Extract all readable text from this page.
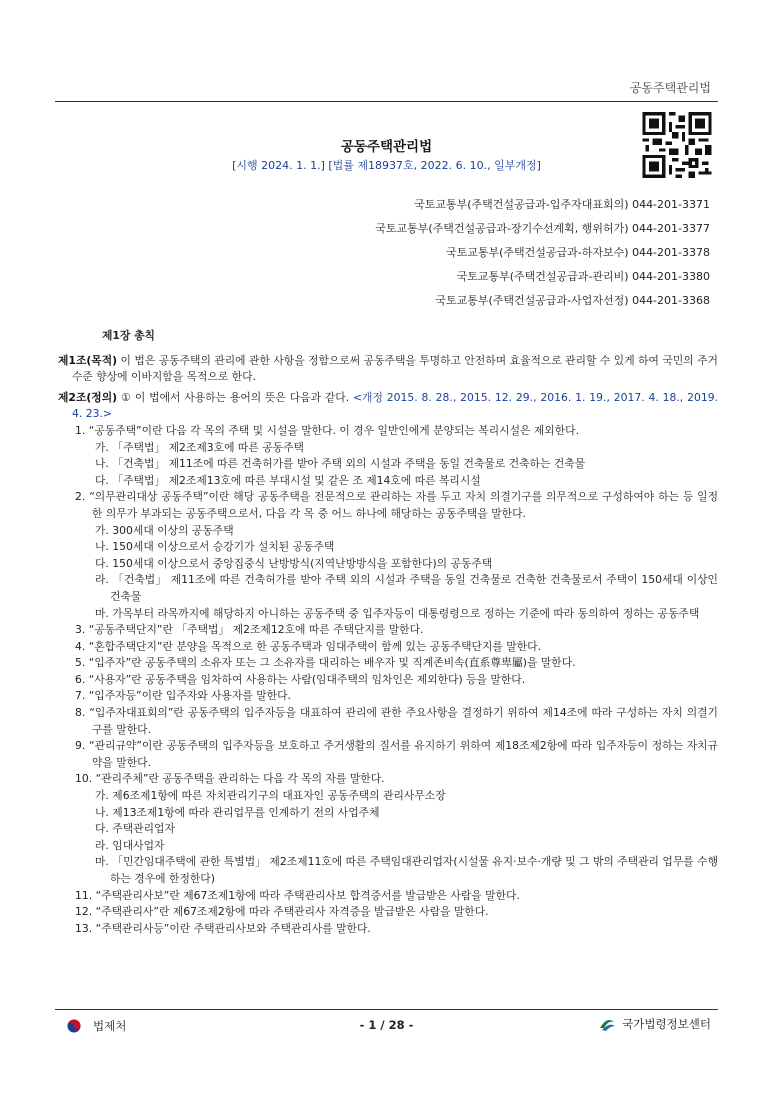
공동주택관리법
공동주택관리법
[시행 2024. 1. 1.] [법률 제18937호, 2022. 6. 10., 일부개정]
국토교통부(주택건설공급과-입주자대표회의) 044-201-3371
국토교통부(주택건설공급과-장기수선계획, 행위허가) 044-201-3377
국토교통부(주택건설공급과-하자보수) 044-201-3378
국토교통부(주택건설공급과-관리비) 044-201-3380
국토교통부(주택건설공급과-사업자선정) 044-201-3368
제1장 총칙
제1조(목적) 이 법은 공동주택의 관리에 관한 사항을 정함으로써 공동주택을 투명하고 안전하며 효율적으로 관리할 수 있게 하여 국민의 주거수준 향상에 이바지함을 목적으로 한다.
제2조(정의) ① 이 법에서 사용하는 용어의 뜻은 다음과 같다. <개정 2015. 8. 28., 2015. 12. 29., 2016. 1. 19., 2017. 4. 18., 2019. 4. 23.>
1. “공동주택”이란 다음 각 목의 주택 및 시설을 말한다. 이 경우 일반인에게 분양되는 복리시설은 제외한다.
가. 「주택법」 제2조제3호에 따른 공동주택
나. 「건축법」 제11조에 따른 건축허가를 받아 주택 외의 시설과 주택을 동일 건축물로 건축하는 건축물
다. 「주택법」 제2조제13호에 따른 부대시설 및 같은 조 제14호에 따른 복리시설
2. “의무관리대상 공동주택”이란 해당 공동주택을 전문적으로 관리하는 자를 두고 자치 의결기구를 의무적으로 구성하여야 하는 등 일정한 의무가 부과되는 공동주택으로서, 다음 각 목 중 어느 하나에 해당하는 공동주택을 말한다.
가. 300세대 이상의 공동주택
나. 150세대 이상으로서 승강기가 설치된 공동주택
다. 150세대 이상으로서 중앙집중식 난방방식(지역난방방식을 포함한다)의 공동주택
라. 「건축법」 제11조에 따른 건축허가를 받아 주택 외의 시설과 주택을 동일 건축물로 건축한 건축물로서 주택이 150세대 이상인 건축물
마. 가목부터 라목까지에 해당하지 아니하는 공동주택 중 입주자등이 대통령령으로 정하는 기준에 따라 동의하여 정하는 공동주택
3. “공동주택단지”란 「주택법」 제2조제12호에 따른 주택단지를 말한다.
4. “혼합주택단지”란 분양을 목적으로 한 공동주택과 임대주택이 함께 있는 공동주택단지를 말한다.
5. “입주자”란 공동주택의 소유자 또는 그 소유자를 대리하는 배우자 및 직계존비속(直系尊卑屬)을 말한다.
6. “사용자”란 공동주택을 임차하여 사용하는 사람(임대주택의 임차인은 제외한다) 등을 말한다.
7. “입주자등”이란 입주자와 사용자를 말한다.
8. “입주자대표회의”란 공동주택의 입주자등을 대표하여 관리에 관한 주요사항을 결정하기 위하여 제14조에 따라 구성하는 자치 의결기구를 말한다.
9. “관리규약”이란 공동주택의 입주자등을 보호하고 주거생활의 질서를 유지하기 위하여 제18조제2항에 따라 입주자등이 정하는 자치규약을 말한다.
10. “관리주체”란 공동주택을 관리하는 다음 각 목의 자를 말한다.
가. 제6조제1항에 따른 자치관리기구의 대표자인 공동주택의 관리사무소장
나. 제13조제1항에 따라 관리업무를 인계하기 전의 사업주체
다. 주택관리업자
라. 임대사업자
마. 「민간임대주택에 관한 특별법」 제2조제11호에 따른 주택임대관리업자(시설물 유지·보수·개량 및 그 밖의 주택관리 업무를 수행하는 경우에 한정한다)
11. “주택관리사보”란 제67조제1항에 따라 주택관리사보 합격증서를 발급받은 사람을 말한다.
12. “주택관리사”란 제67조제2항에 따라 주택관리사 자격증을 발급받은 사람을 말한다.
13. “주택관리사등”이란 주택관리사보와 주택관리사를 말한다.
법제처	- 1 / 28 -	국가법령정보센터
